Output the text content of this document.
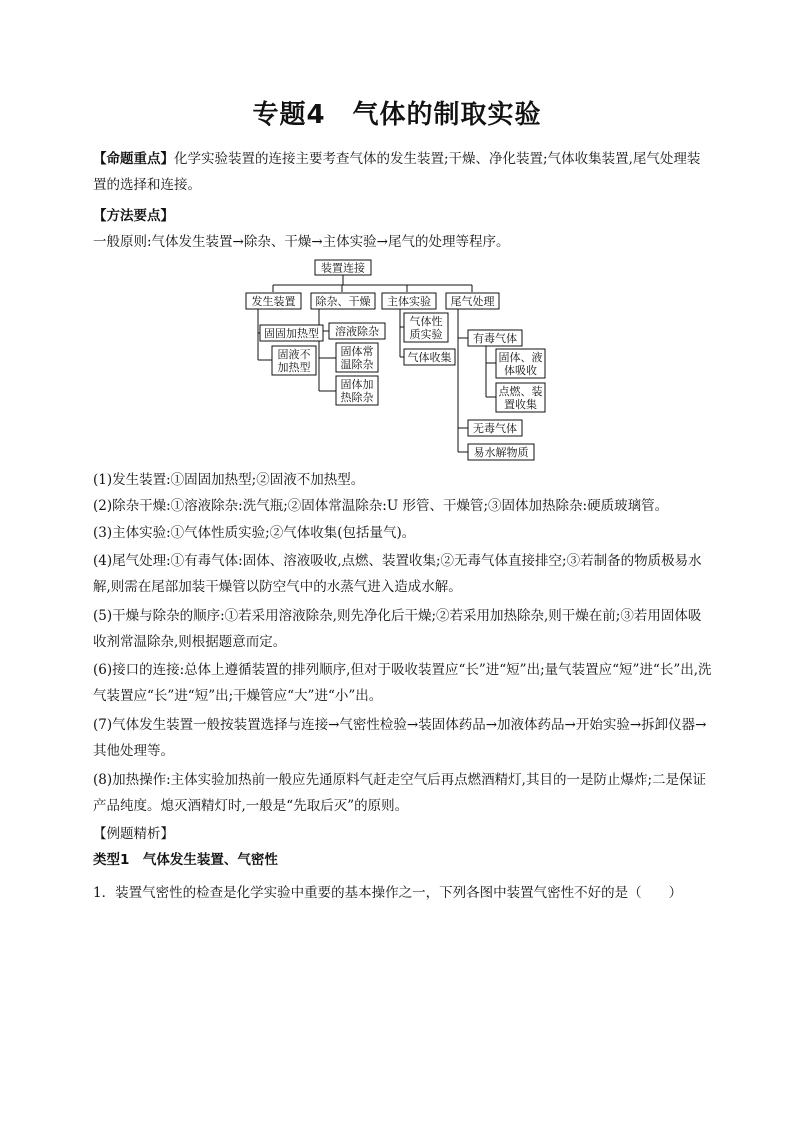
专题4　气体的制取实验

【命题重点】化学实验装置的连接主要考查气体的发生装置;干燥、净化装置;气体收集装置,尾气处理装置的选择和连接。

【方法要点】

一般原则:气体发生装置→除杂、干燥→主体实验→尾气的处理等程序。

装置连接
发生装置
固固加热型
固液不
加热型
除杂、干燥
溶液除杂
固体常
温除杂
固体加
热除杂
主体实验
气体性
质实验
气体收集
尾气处理
有毒气体
固体、液
体吸收
点燃、装
置收集
无毒气体
易水解物质

(1)发生装置:①固固加热型;②固液不加热型。

(2)除杂干燥:①溶液除杂:洗气瓶;②固体常温除杂:U 形管、干燥管;③固体加热除杂:硬质玻璃管。

(3)主体实验:①气体性质实验;②气体收集(包括量气)。

(4)尾气处理:①有毒气体:固体、溶液吸收,点燃、装置收集;②无毒气体直接排空;③若制备的物质极易水解,则需在尾部加装干燥管以防空气中的水蒸气进入造成水解。

(5)干燥与除杂的顺序:①若采用溶液除杂,则先净化后干燥;②若采用加热除杂,则干燥在前;③若用固体吸收剂常温除杂,则根据题意而定。

(6)接口的连接:总体上遵循装置的排列顺序,但对于吸收装置应“长”进“短”出;量气装置应“短”进“长”出,洗气装置应“长”进“短”出;干燥管应“大”进“小”出。

(7)气体发生装置一般按装置选择与连接→气密性检验→装固体药品→加液体药品→开始实验→拆卸仪器→其他处理等。

(8)加热操作:主体实验加热前一般应先通原料气赶走空气后再点燃酒精灯,其目的一是防止爆炸;二是保证产品纯度。熄灭酒精灯时,一般是“先取后灭”的原则。

【例题精析】

类型1　气体发生装置、气密性

1．装置气密性的检查是化学实验中重要的基本操作之一，下列各图中装置气密性不好的是（　　）
